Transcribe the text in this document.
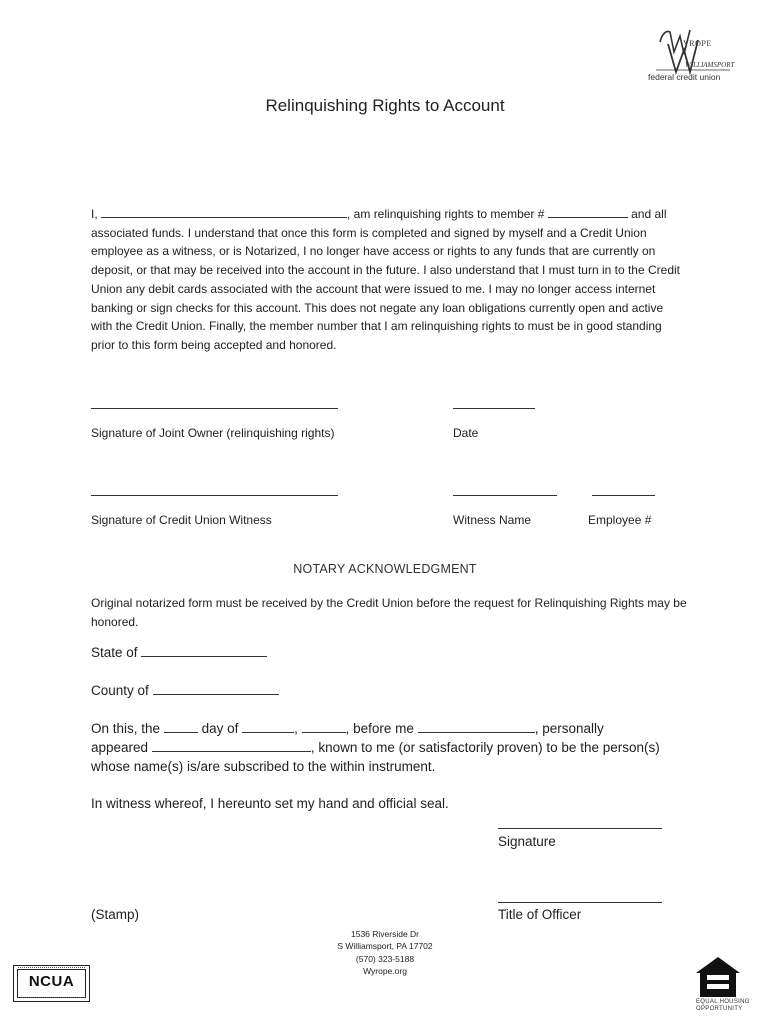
YROPE
WILLIAMSPORT
federal credit union
Relinquishing Rights to Account
I,	, am relinquishing rights to member #	and all associated funds. I understand that once this form is completed and signed by myself and a Credit Union employee as a witness, or is Notarized, I no longer have access or rights to any funds that are currently on deposit, or that may be received into the account in the future. I also understand that I must turn in to the Credit Union any debit cards associated with the account that were issued to me. I may no longer access internet banking or sign checks for this account. This does not negate any loan obligations currently open and active with the Credit Union. Finally, the member number that I am relinquishing rights to must be in good standing prior to this form being accepted and honored.
Signature of Joint Owner (relinquishing rights)	Date
Signature of Credit Union Witness	Witness Name	Employee #
NOTARY ACKNOWLEDGMENT
Original notarized form must be received by the Credit Union before the request for Relinquishing Rights may be honored.
State of
County of
On this, the	day of	,	, before me	, personally
appeared	, known to me (or satisfactorily proven) to be the person(s)
whose name(s) is/are subscribed to the within instrument.
In witness whereof, I hereunto set my hand and official seal.
Signature
(Stamp)	Title of Officer
1536 Riverside Dr
S Williamsport, PA 17702
(570) 323-5188
Wyrope.org
NCUA
EQUAL HOUSING
OPPORTUNITY
